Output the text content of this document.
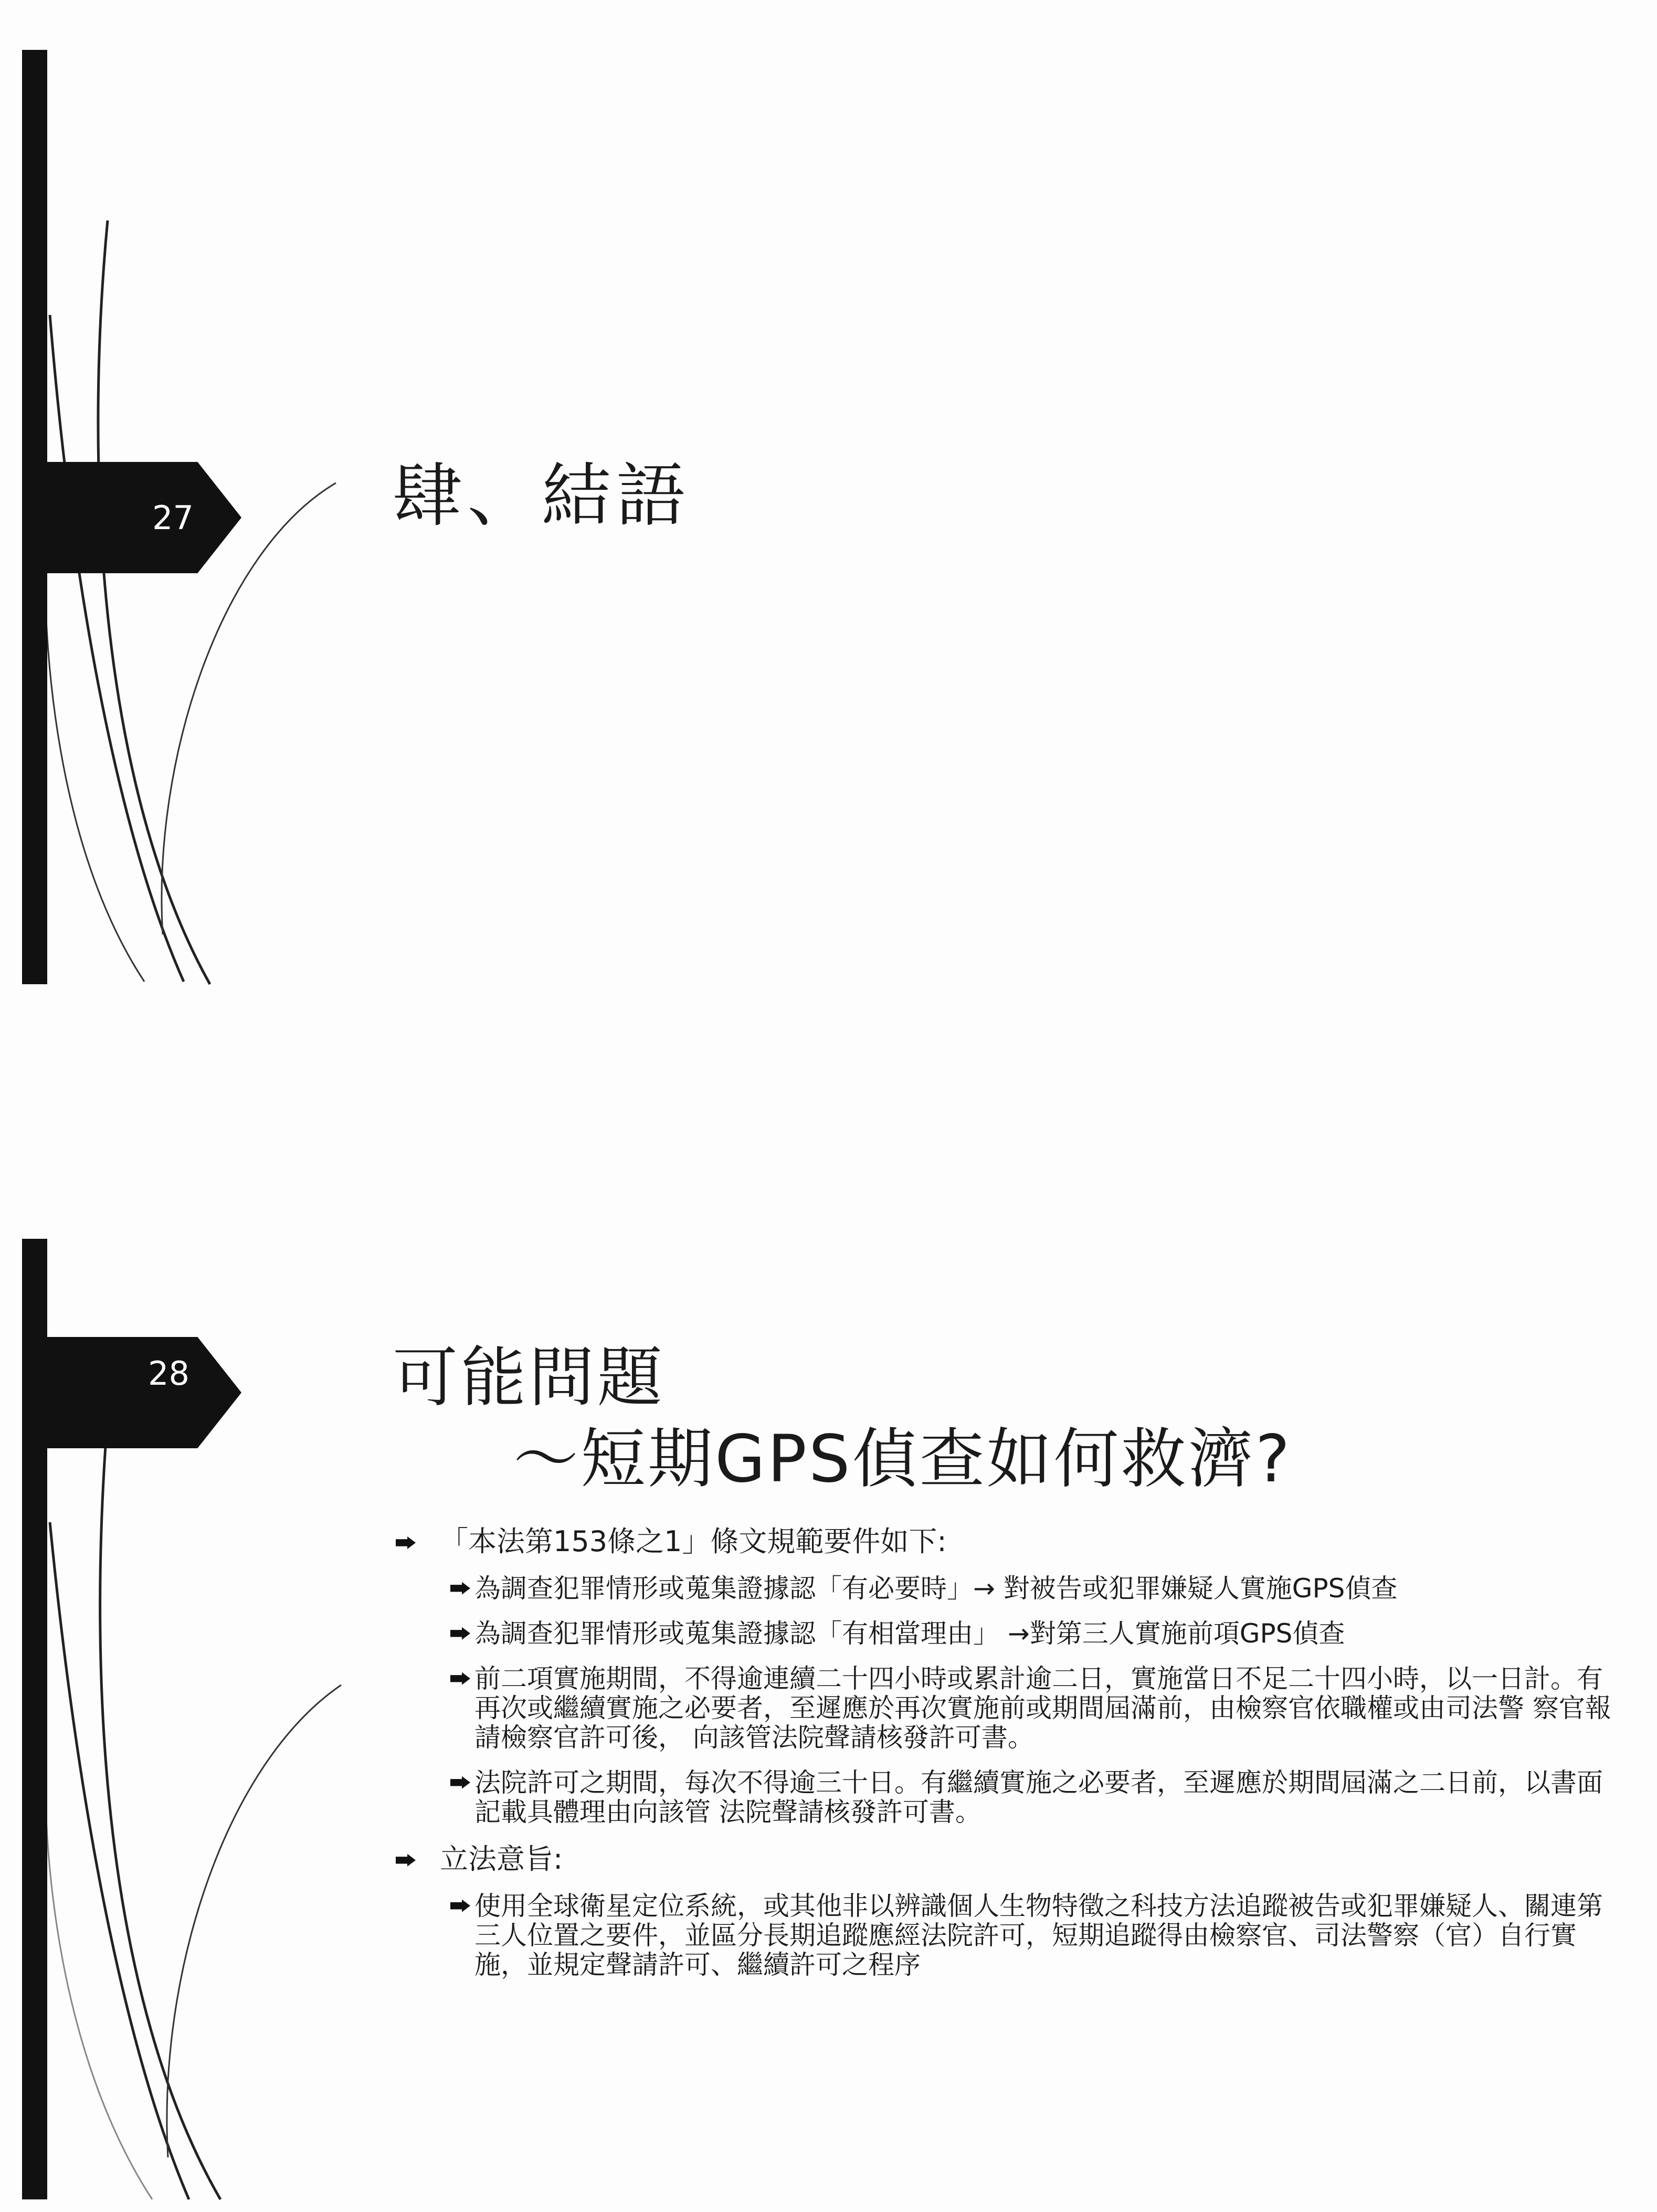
27	肆、結語
28	可能問題
～短期GPS偵查如何救濟?
「本法第153條之1」條文規範要件如下:
為調查犯罪情形或蒐集證據認「有必要時」→ 對被告或犯罪嫌疑人實施GPS偵查
為調查犯罪情形或蒐集證據認「有相當理由」 →對第三人實施前項GPS偵查
前二項實施期間，不得逾連續二十四小時或累計逾二日，實施當日不足二十四小時，以一日計。有再次或繼續實施之必要者，至遲應於再次實施前或期間屆滿前，由檢察官依職權或由司法警 察官報請檢察官許可後， 向該管法院聲請核發許可書。
法院許可之期間，每次不得逾三十日。有繼續實施之必要者，至遲應於期間屆滿之二日前，以書面記載具體理由向該管 法院聲請核發許可書。
立法意旨:
使用全球衛星定位系統，或其他非以辨識個人生物特徵之科技方法追蹤被告或犯罪嫌疑人、關連第三人位置之要件，並區分長期追蹤應經法院許可，短期追蹤得由檢察官、司法警察（官）自行實施，並規定聲請許可、繼續許可之程序
